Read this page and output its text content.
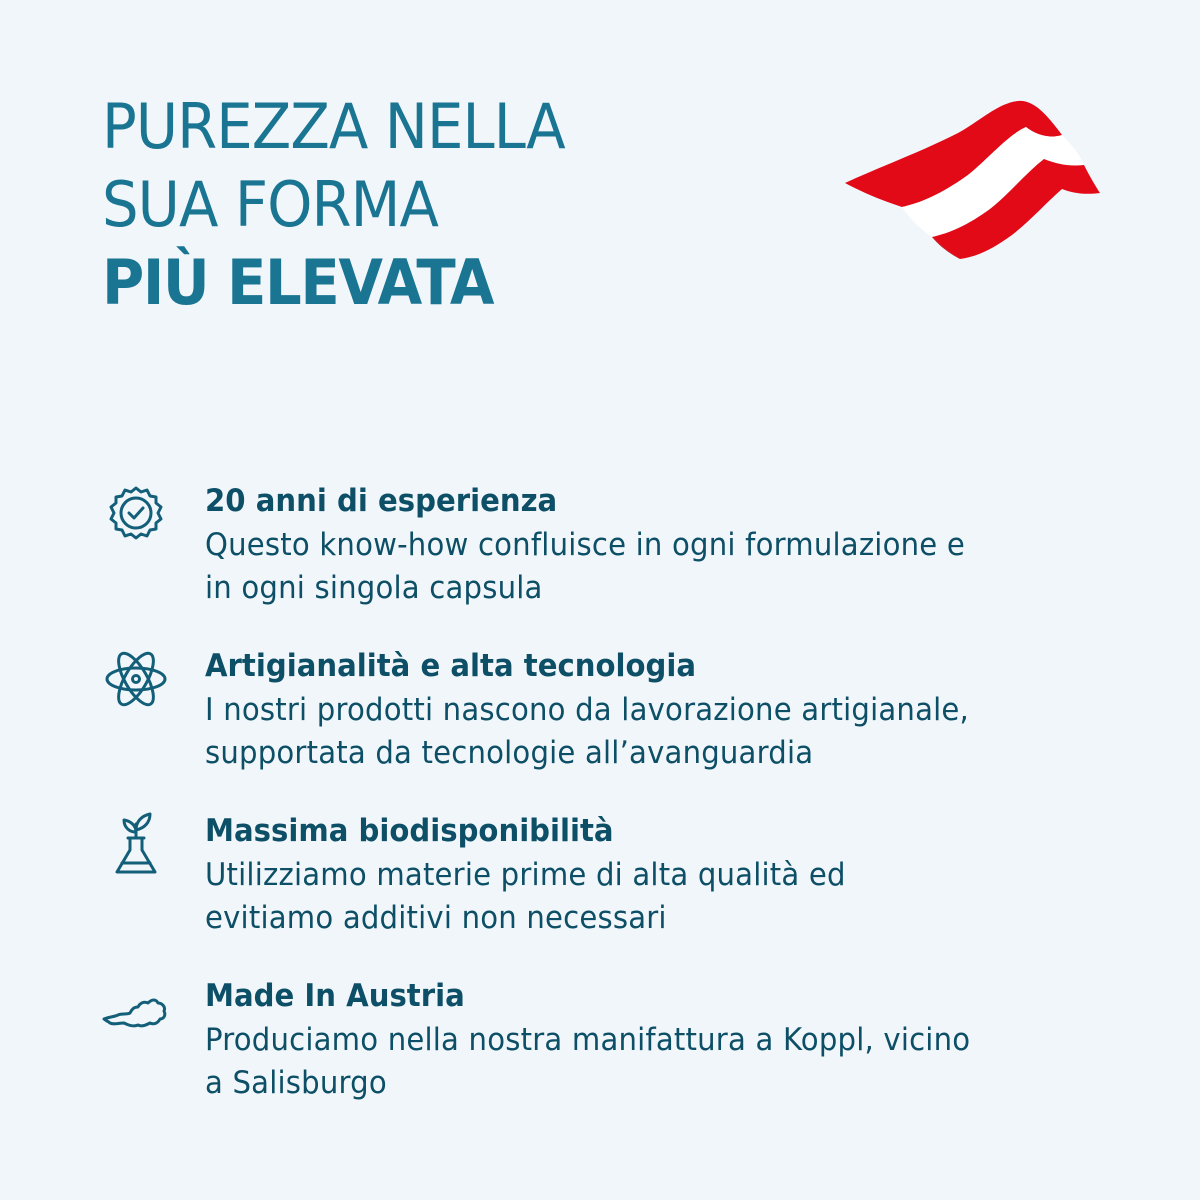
PUREZZA NELLA
SUA FORMA
PIÙ ELEVATA
20 anni di esperienza
Questo know-how confluisce in ogni formulazione e
in ogni singola capsula
Artigianalità e alta tecnologia
I nostri prodotti nascono da lavorazione artigianale,
supportata da tecnologie all’avanguardia
Massima biodisponibilità
Utilizziamo materie prime di alta qualità ed
evitiamo additivi non necessari
Made In Austria
Produciamo nella nostra manifattura a Koppl, vicino
a Salisburgo
